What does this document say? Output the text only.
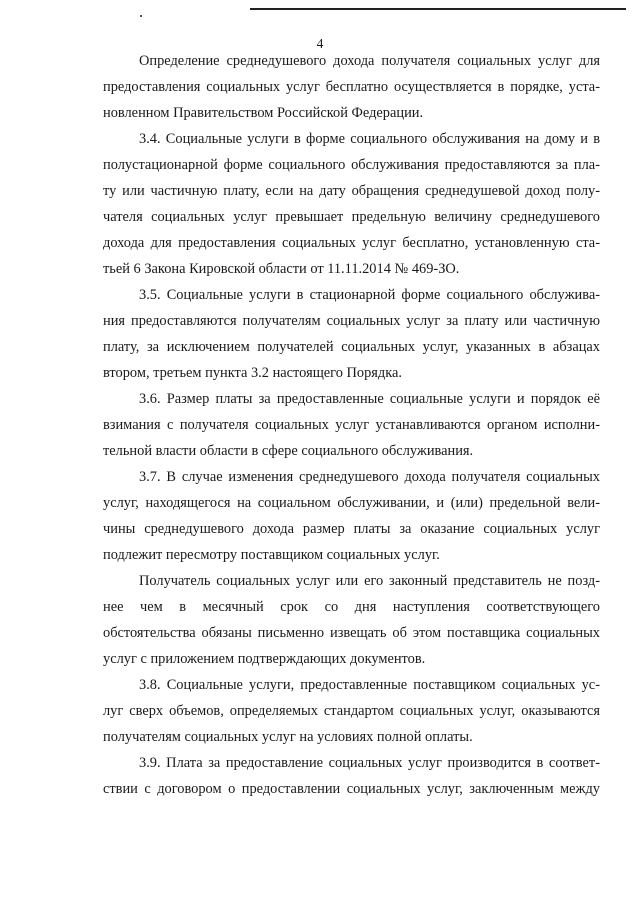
4
Определение среднедушевого дохода получателя социальных услуг для
предоставления социальных услуг бесплатно осуществляется в порядке, уста-
новленном Правительством Российской Федерации.
3.4. Социальные услуги в форме социального обслуживания на дому и в
полустационарной форме социального обслуживания предоставляются за пла-
ту или частичную плату, если на дату обращения среднедушевой доход полу-
чателя социальных услуг превышает предельную величину среднедушевого
дохода для предоставления социальных услуг бесплатно, установленную ста-
тьей 6 Закона Кировской области от 11.11.2014 № 469-ЗО.
3.5. Социальные услуги в стационарной форме социального обслужива-
ния предоставляются получателям социальных услуг за плату или частичную
плату, за исключением получателей социальных услуг, указанных в абзацах
втором, третьем пункта 3.2 настоящего Порядка.
3.6. Размер платы за предоставленные социальные услуги и порядок её
взимания с получателя социальных услуг устанавливаются органом исполни-
тельной власти области в сфере социального обслуживания.
3.7. В случае изменения среднедушевого дохода получателя социальных
услуг, находящегося на социальном обслуживании, и (или) предельной вели-
чины среднедушевого дохода размер платы за оказание социальных услуг
подлежит пересмотру поставщиком социальных услуг.
Получатель социальных услуг или его законный представитель не позд-
нее чем в месячный срок со дня наступления соответствующего
обстоятельства обязаны письменно извещать об этом поставщика социальных
услуг с приложением подтверждающих документов.
3.8. Социальные услуги, предоставленные поставщиком социальных ус-
луг сверх объемов, определяемых стандартом социальных услуг, оказываются
получателям социальных услуг на условиях полной оплаты.
3.9. Плата за предоставление социальных услуг производится в соответ-
ствии с договором о предоставлении социальных услуг, заключенным между
